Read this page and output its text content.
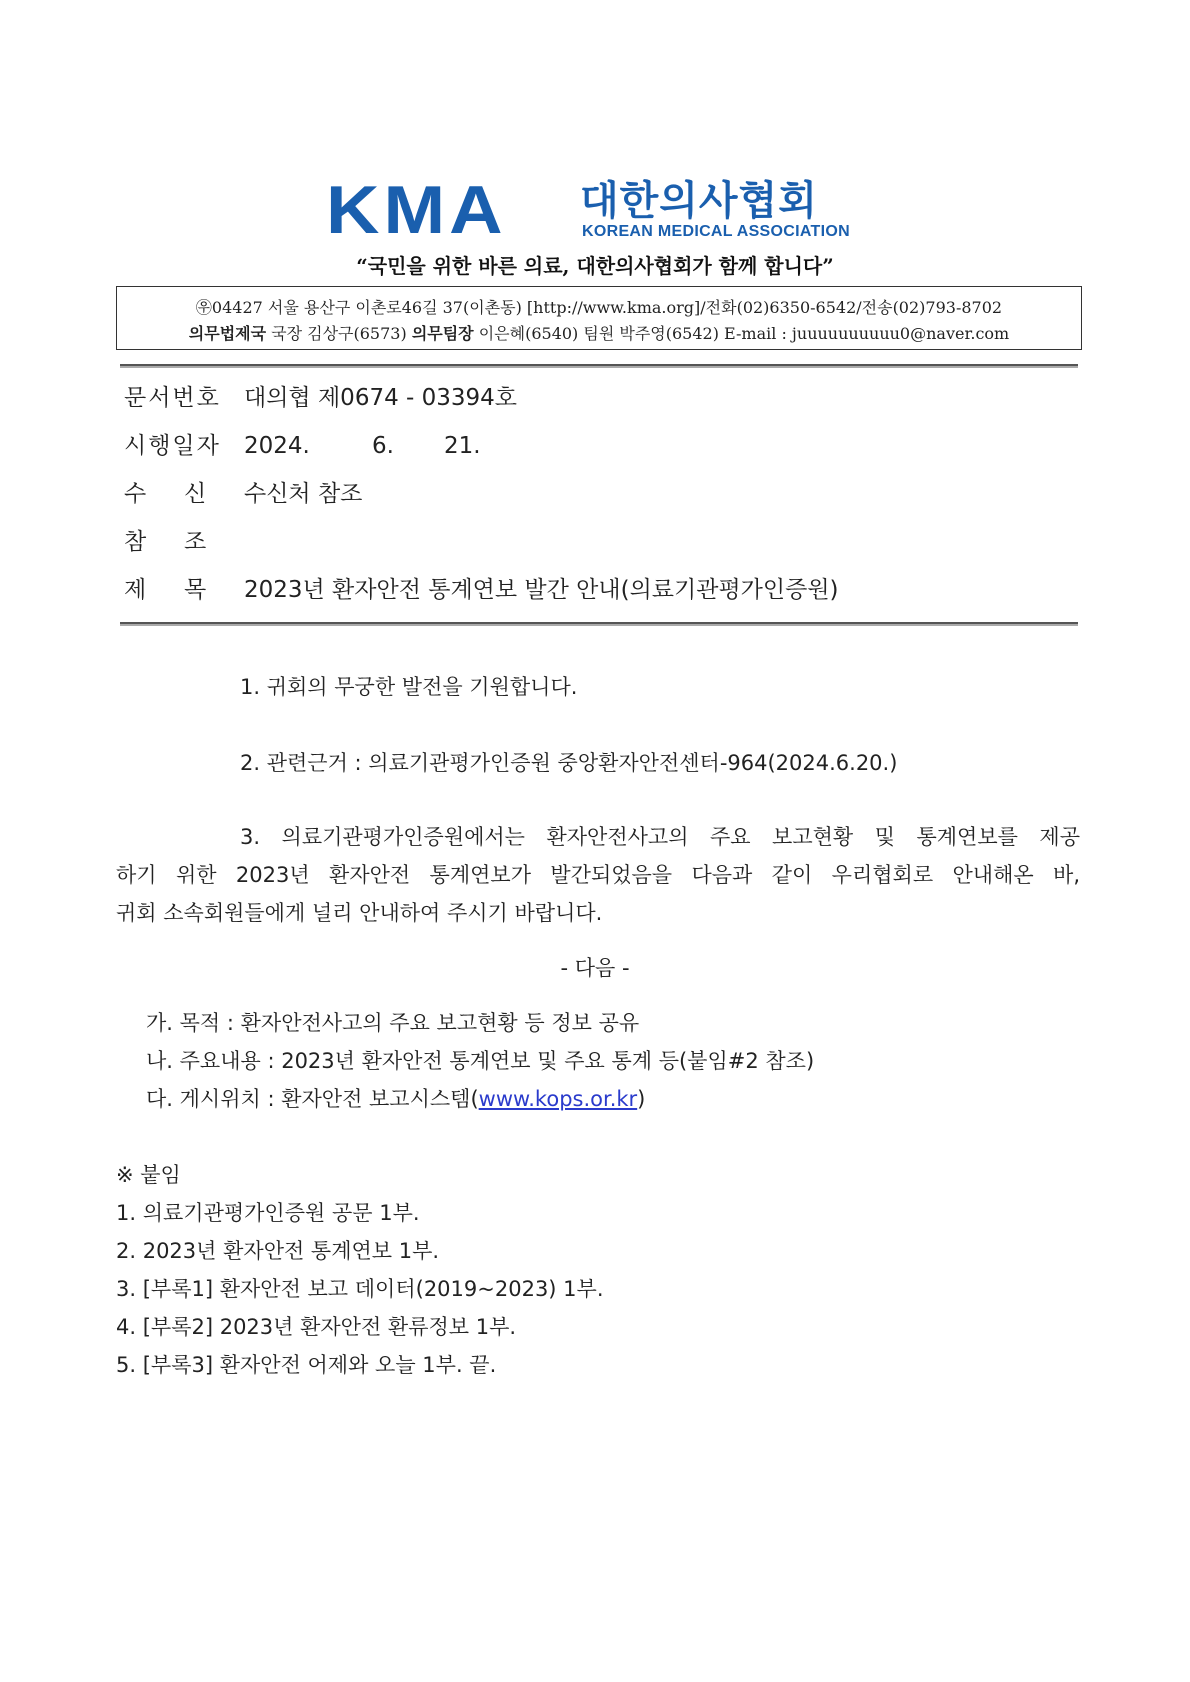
KMA 대한의사협회
KOREAN MEDICAL ASSOCIATION
“국민을 위한 바른 의료, 대한의사협회가 함께 합니다”
㉾04427 서울 용산구 이촌로46길 37(이촌동) [http://www.kma.org]/전화(02)6350-6542/전송(02)793-8702
의무법제국 국장 김상구(6573) 의무팀장 이은혜(6540) 팀원 박주영(6542) E-mail : juuuuuuuuuu0@naver.com
문서번호 대의협 제0674 - 03394호
시행일자 2024.	6. 21.
수 신 수신처 참조
참 조
제 목 2023년 환자안전 통계연보 발간 안내(의료기관평가인증원)
1. 귀회의 무궁한 발전을 기원합니다.
2. 관련근거 : 의료기관평가인증원 중앙환자안전센터-964(2024.6.20.)
3. 의료기관평가인증원에서는 환자안전사고의 주요 보고현황 및 통계연보를 제공
하기 위한 2023년 환자안전 통계연보가 발간되었음을 다음과 같이 우리협회로 안내해온 바,
귀회 소속회원들에게 널리 안내하여 주시기 바랍니다.
- 다음 -
가. 목적 : 환자안전사고의 주요 보고현황 등 정보 공유
나. 주요내용 : 2023년 환자안전 통계연보 및 주요 통계 등(붙임#2 참조)
다. 게시위치 : 환자안전 보고시스템(www.kops.or.kr)
※ 붙임
1. 의료기관평가인증원 공문 1부.
2. 2023년 환자안전 통계연보 1부.
3. [부록1] 환자안전 보고 데이터(2019~2023) 1부.
4. [부록2] 2023년 환자안전 환류정보 1부.
5. [부록3] 환자안전 어제와 오늘 1부. 끝.
